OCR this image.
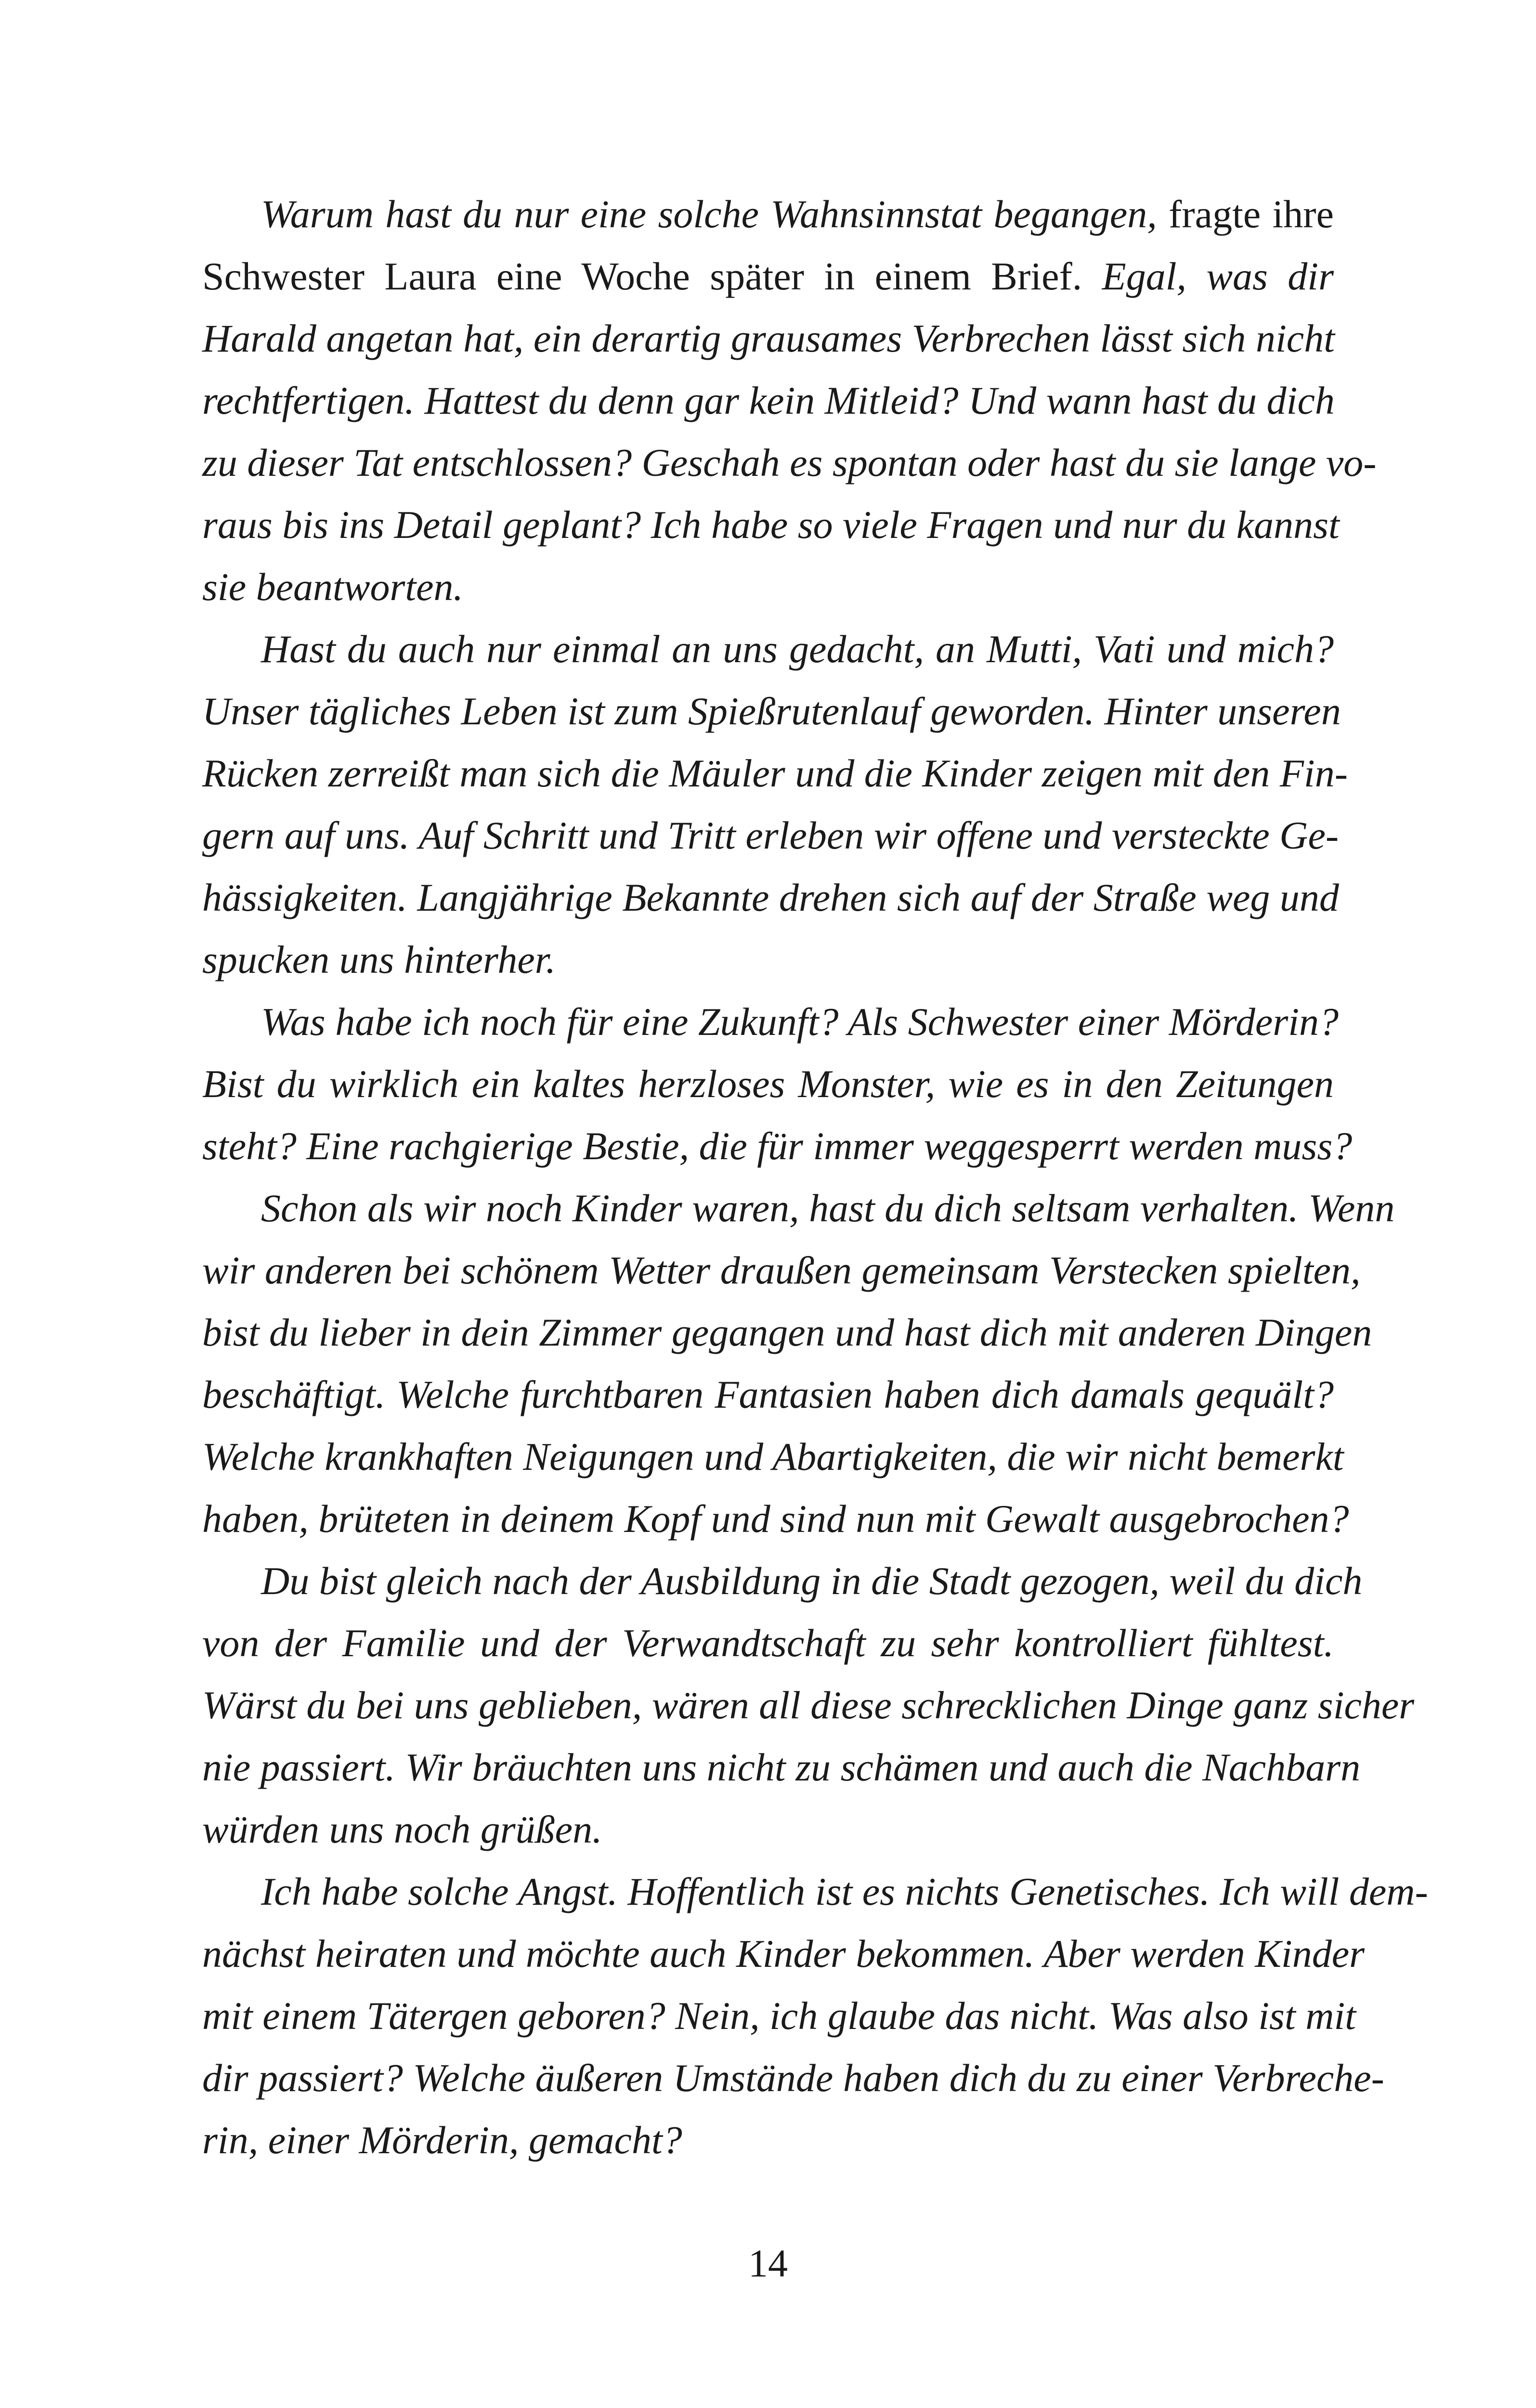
Warum hast du nur eine solche Wahnsinnstat begangen, fragte ihre
Schwester Laura eine Woche später in einem Brief. Egal, was dir
Harald angetan hat, ein derartig grausames Verbrechen lässt sich nicht
rechtfertigen. Hattest du denn gar kein Mitleid? Und wann hast du dich
zu dieser Tat entschlossen? Geschah es spontan oder hast du sie lange vo-
raus bis ins Detail geplant? Ich habe so viele Fragen und nur du kannst
sie beantworten.
Hast du auch nur einmal an uns gedacht, an Mutti, Vati und mich?
Unser tägliches Leben ist zum Spießrutenlauf geworden. Hinter unseren
Rücken zerreißt man sich die Mäuler und die Kinder zeigen mit den Fin-
gern auf uns. Auf Schritt und Tritt erleben wir offene und versteckte Ge-
hässigkeiten. Langjährige Bekannte drehen sich auf der Straße weg und
spucken uns hinterher.
Was habe ich noch für eine Zukunft? Als Schwester einer Mörderin?
Bist du wirklich ein kaltes herzloses Monster, wie es in den Zeitungen
steht? Eine rachgierige Bestie, die für immer weggesperrt werden muss?
Schon als wir noch Kinder waren, hast du dich seltsam verhalten. Wenn
wir anderen bei schönem Wetter draußen gemeinsam Verstecken spielten,
bist du lieber in dein Zimmer gegangen und hast dich mit anderen Dingen
beschäftigt. Welche furchtbaren Fantasien haben dich damals gequält?
Welche krankhaften Neigungen und Abartigkeiten, die wir nicht bemerkt
haben, brüteten in deinem Kopf und sind nun mit Gewalt ausgebrochen?
Du bist gleich nach der Ausbildung in die Stadt gezogen, weil du dich
von der Familie und der Verwandtschaft zu sehr kontrolliert fühltest.
Wärst du bei uns geblieben, wären all diese schrecklichen Dinge ganz sicher
nie passiert. Wir bräuchten uns nicht zu schämen und auch die Nachbarn
würden uns noch grüßen.
Ich habe solche Angst. Hoffentlich ist es nichts Genetisches. Ich will dem-
nächst heiraten und möchte auch Kinder bekommen. Aber werden Kinder
mit einem Tätergen geboren? Nein, ich glaube das nicht. Was also ist mit
dir passiert? Welche äußeren Umstände haben dich du zu einer Verbreche-
rin, einer Mörderin, gemacht?
14
